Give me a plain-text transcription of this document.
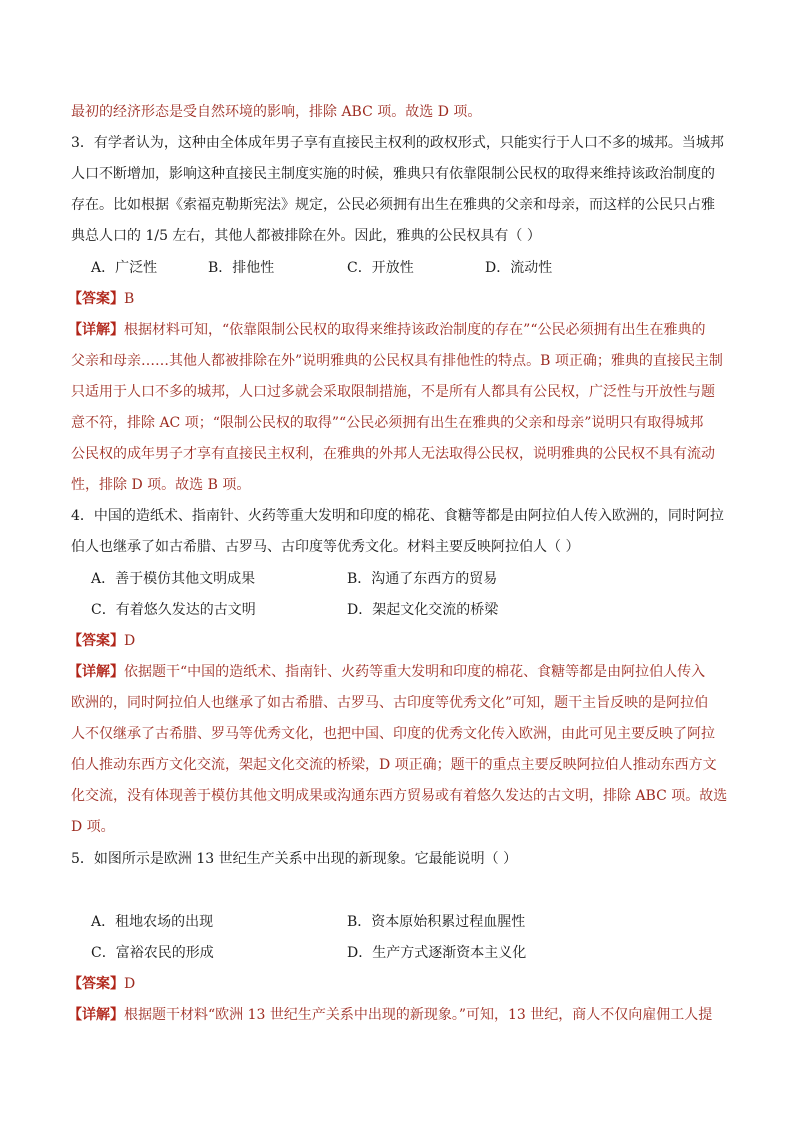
最初的经济形态是受自然环境的影响，排除 ABC 项。故选 D 项。
3．有学者认为，这种由全体成年男子享有直接民主权利的政权形式，只能实行于人口不多的城邦。当城邦
人口不断增加，影响这种直接民主制度实施的时候，雅典只有依靠限制公民权的取得来维持该政治制度的
存在。比如根据《索福克勒斯宪法》规定，公民必须拥有出生在雅典的父亲和母亲，而这样的公民只占雅
典总人口的 1/5 左右，其他人都被排除在外。因此，雅典的公民权具有（ ）
A．广泛性	B．排他性	C．开放性	D．流动性
【答案】B
【详解】根据材料可知，“依靠限制公民权的取得来维持该政治制度的存在”“公民必须拥有出生在雅典的
父亲和母亲……其他人都被排除在外”说明雅典的公民权具有排他性的特点。B 项正确；雅典的直接民主制
只适用于人口不多的城邦，人口过多就会采取限制措施，不是所有人都具有公民权，广泛性与开放性与题
意不符，排除 AC 项；“限制公民权的取得”“公民必须拥有出生在雅典的父亲和母亲”说明只有取得城邦
公民权的成年男子才享有直接民主权利，在雅典的外邦人无法取得公民权，说明雅典的公民权不具有流动
性，排除 D 项。故选 B 项。
4．中国的造纸术、指南针、火药等重大发明和印度的棉花、食糖等都是由阿拉伯人传入欧洲的，同时阿拉
伯人也继承了如古希腊、古罗马、古印度等优秀文化。材料主要反映阿拉伯人（ ）
A．善于模仿其他文明成果	B．沟通了东西方的贸易
C．有着悠久发达的古文明	D．架起文化交流的桥梁
【答案】D
【详解】依据题干“中国的造纸术、指南针、火药等重大发明和印度的棉花、食糖等都是由阿拉伯人传入
欧洲的，同时阿拉伯人也继承了如古希腊、古罗马、古印度等优秀文化”可知，题干主旨反映的是阿拉伯
人不仅继承了古希腊、罗马等优秀文化，也把中国、印度的优秀文化传入欧洲，由此可见主要反映了阿拉
伯人推动东西方文化交流，架起文化交流的桥梁，D 项正确；题干的重点主要反映阿拉伯人推动东西方文
化交流，没有体现善于模仿其他文明成果或沟通东西方贸易或有着悠久发达的古文明，排除 ABC 项。故选
D 项。
5．如图所示是欧洲 13 世纪生产关系中出现的新现象。它最能说明（ ）
A．租地农场的出现	B．资本原始积累过程血腥性
C．富裕农民的形成	D．生产方式逐渐资本主义化
【答案】D
【详解】根据题干材料“欧洲 13 世纪生产关系中出现的新现象。”可知，13 世纪，商人不仅向雇佣工人提
